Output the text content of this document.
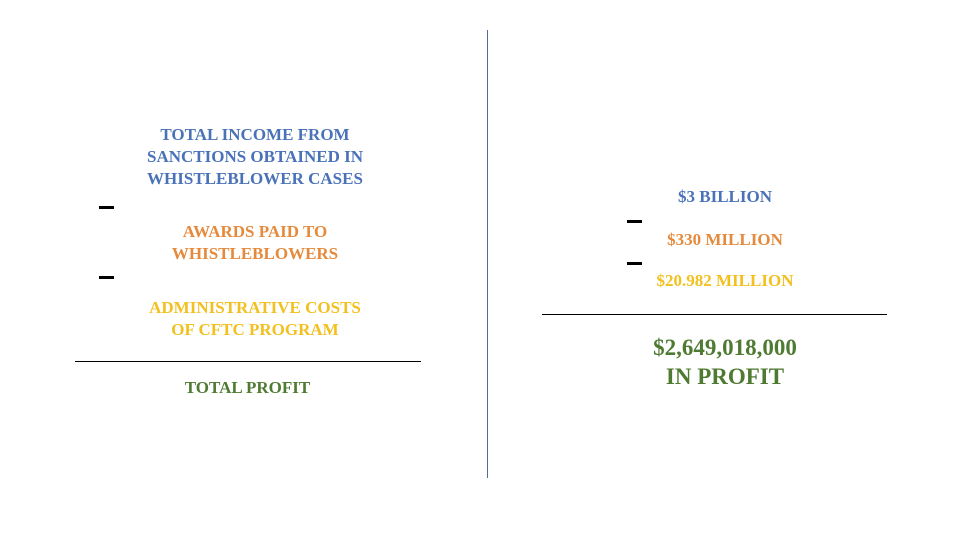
TOTAL INCOME FROM
SANCTIONS OBTAINED IN
WHISTLEBLOWER CASES
AWARDS PAID TO
WHISTLEBLOWERS
ADMINISTRATIVE COSTS
OF CFTC PROGRAM
TOTAL PROFIT
$3 BILLION
$330 MILLION
$20.982 MILLION
$2,649,018,000
IN PROFIT
